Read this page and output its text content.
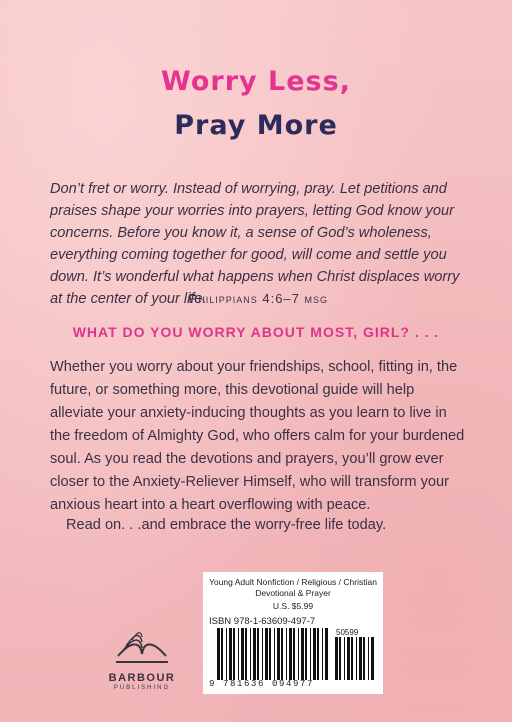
Worry Less,
Pray More
Don’t fret or worry. Instead of worrying, pray. Let petitions and praises shape your worries into prayers, letting God know your concerns. Before you know it, a sense of God’s wholeness, everything coming together for good, will come and settle you down. It’s wonderful what happens when Christ displaces worry at the center of your life.
Philippians 4:6–7 msg
WHAT DO YOU WORRY ABOUT MOST, GIRL? . . .
Whether you worry about your friendships, school, fitting in, the future, or something more, this devotional guide will help alleviate your anxiety-inducing thoughts as you learn to live in the freedom of Almighty God, who offers calm for your burdened soul. As you read the devotions and prayers, you’ll grow ever closer to the Anxiety-Reliever Himself, who will transform your anxious heart into a heart overflowing with peace.
Read on. . .and embrace the worry-free life today.
BARBOUR
PUBLISHING
Young Adult Nonfiction / Religious / Christian
Devotional & Prayer
U.S. $5.99
ISBN 978-1-63609-497-7
50599
9 781636 094977
